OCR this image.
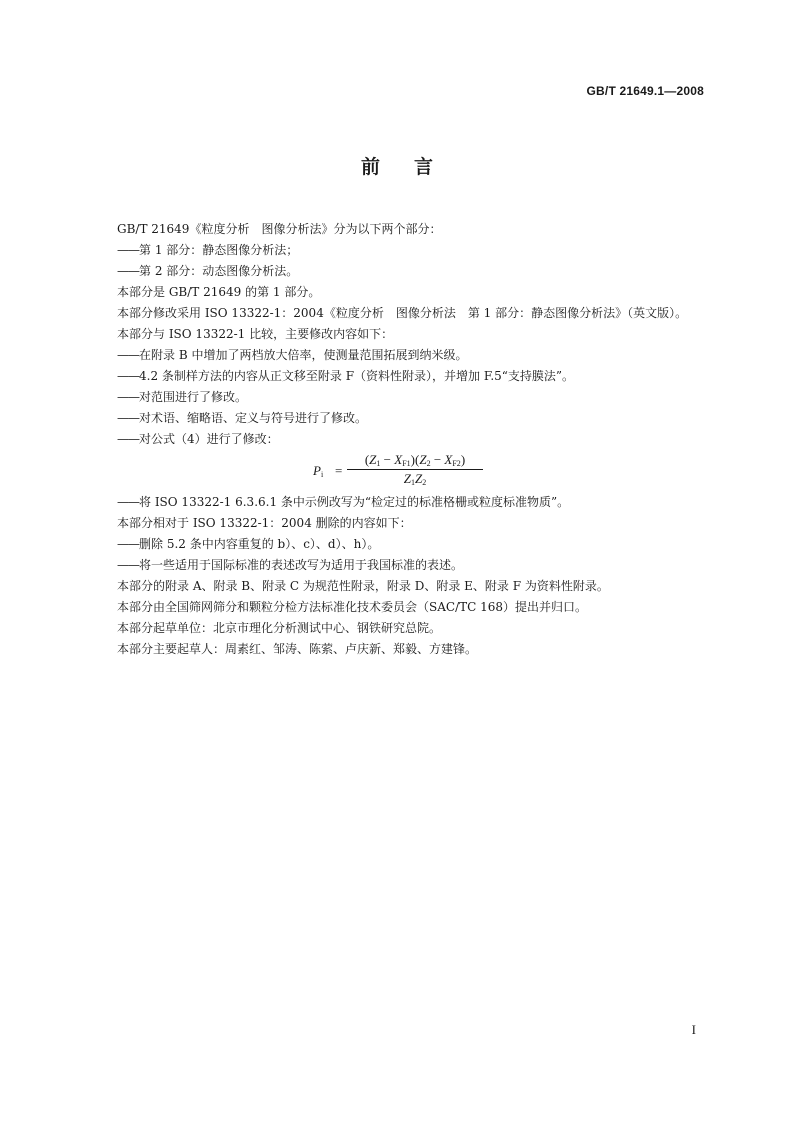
GB/T 21649.1—2008
前言
GB/T 21649《粒度分析　图像分析法》分为以下两个部分：
—— 第 1 部分：静态图像分析法；
—— 第 2 部分：动态图像分析法。
本部分是 GB/T 21649 的第 1 部分。
本部分修改采用 ISO 13322-1：2004《粒度分析　图像分析法　第 1 部分：静态图像分析法》（英文版）。
本部分与 ISO 13322-1 比较，主要修改内容如下：
—— 在附录 B 中增加了两档放大倍率，使测量范围拓展到纳米级。
—— 4.2 条制样方法的内容从正文移至附录 F（资料性附录），并增加 F.5“支持膜法”。
—— 对范围进行了修改。
—— 对术语、缩略语、定义与符号进行了修改。
—— 对公式（4）进行了修改：
$P_i = \frac{(Z_1 - X_{F1})(Z_2 - X_{F2})}{Z_1Z_2}$
—— 将 ISO 13322-1 6.3.6.1 条中示例改写为“检定过的标准格栅或粒度标准物质”。
本部分相对于 ISO 13322-1：2004 删除的内容如下：
—— 删除 5.2 条中内容重复的 b）、c）、d）、h）。
—— 将一些适用于国际标准的表述改写为适用于我国标准的表述。
本部分的附录 A、附录 B、附录 C 为规范性附录，附录 D、附录 E、附录 F 为资料性附录。
本部分由全国筛网筛分和颗粒分检方法标准化技术委员会（SAC/TC 168）提出并归口。
本部分起草单位：北京市理化分析测试中心、钢铁研究总院。
本部分主要起草人：周素红、邹涛、陈萦、卢庆新、郑毅、方建锋。
I
